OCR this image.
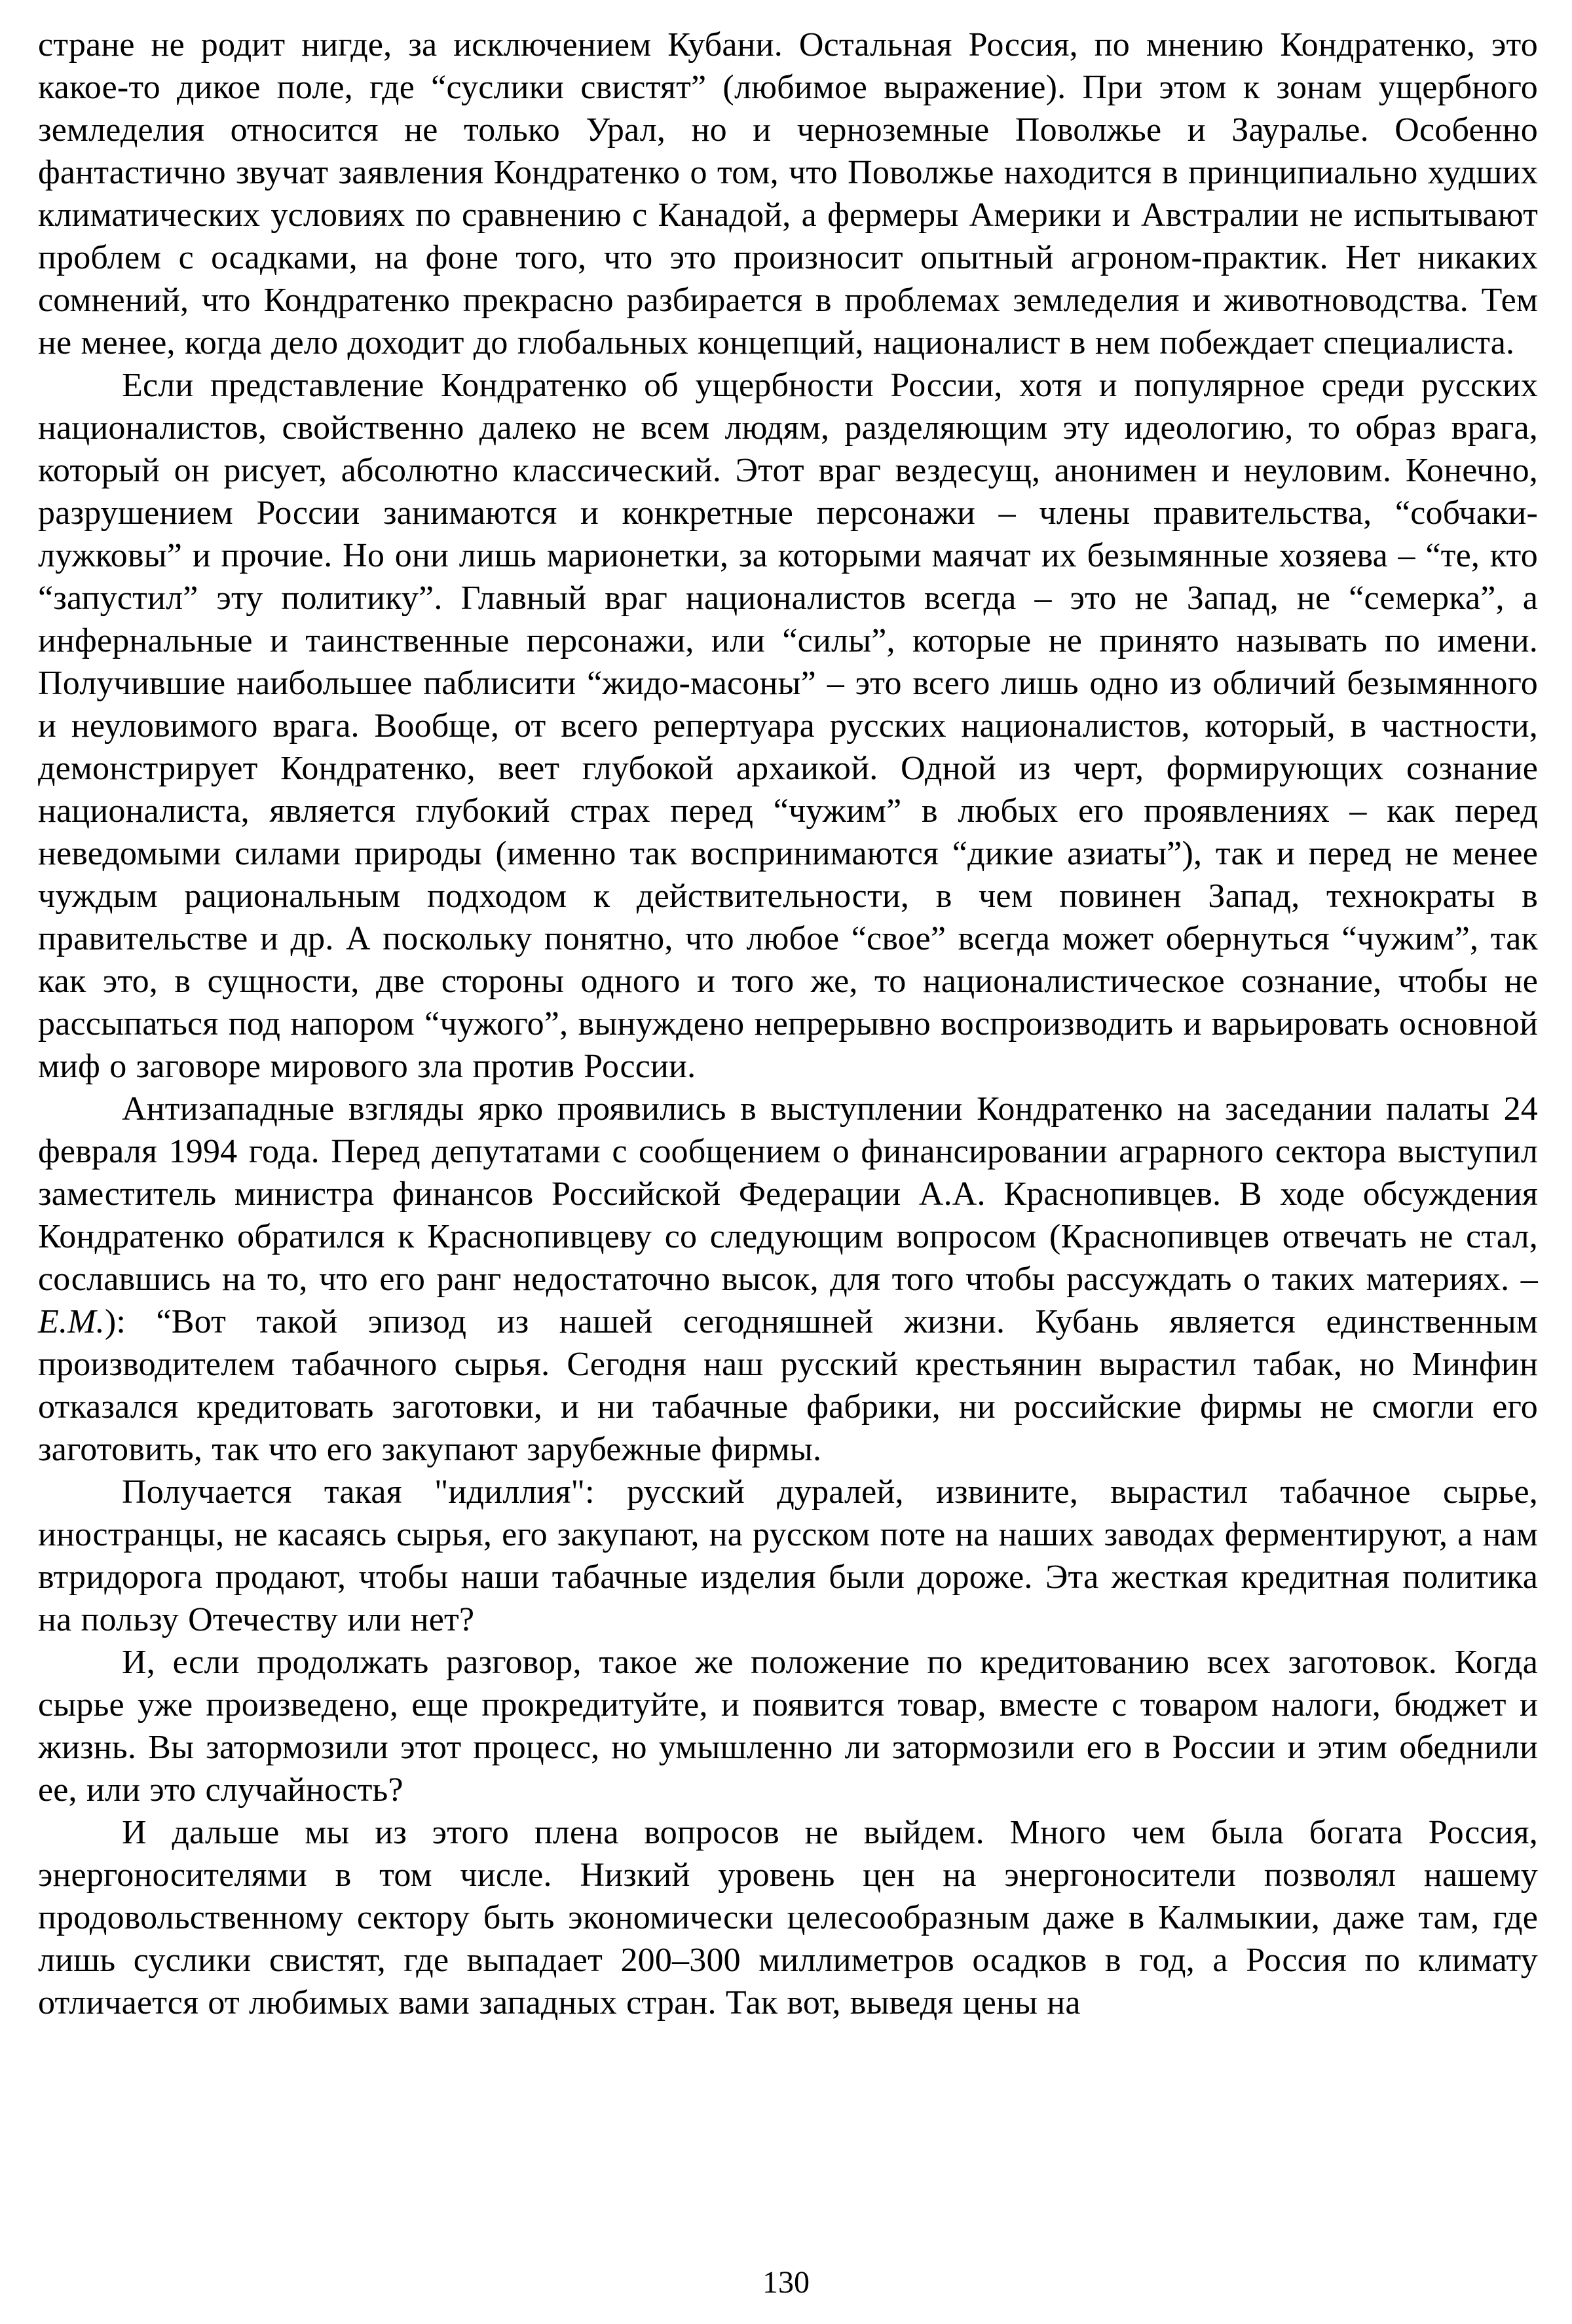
стране не родит нигде, за исключением Кубани. Остальная Россия, по мнению Кондратенко, это какое-то дикое поле, где “суслики свистят” (любимое выражение). При этом к зонам ущербного земледелия относится не только Урал, но и черноземные Поволжье и Зауралье. Особенно фантастично звучат заявления Кондратенко о том, что Поволжье находится в принципиально худших климатических условиях по сравнению с Канадой, а фермеры Америки и Австралии не испытывают проблем с осадками, на фоне того, что это произносит опытный агроном-практик. Нет никаких сомнений, что Кондратенко прекрасно разбирается в проблемах земледелия и животноводства. Тем не менее, когда дело доходит до глобальных концепций, националист в нем побеждает специалиста.

Если представление Кондратенко об ущербности России, хотя и популярное среди русских националистов, свойственно далеко не всем людям, разделяющим эту идеологию, то образ врага, который он рисует, абсолютно классический. Этот враг вездесущ, анонимен и неуловим. Конечно, разрушением России занимаются и конкретные персонажи – члены правительства, “собчаки-лужковы” и прочие. Но они лишь марионетки, за которыми маячат их безымянные хозяева – “те, кто “запустил” эту политику”. Главный враг националистов всегда – это не Запад, не “семерка”, а инфернальные и таинственные персонажи, или “силы”, которые не принято называть по имени. Получившие наибольшее паблисити “жидо-масоны” – это всего лишь одно из обличий безымянного и неуловимого врага. Вообще, от всего репертуара русских националистов, который, в частности, демонстрирует Кондратенко, веет глубокой архаикой. Одной из черт, формирующих сознание националиста, является глубокий страх перед “чужим” в любых его проявлениях – как перед неведомыми силами природы (именно так воспринимаются “дикие азиаты”), так и перед не менее чуждым рациональным подходом к действительности, в чем повинен Запад, технократы в правительстве и др. А поскольку понятно, что любое “свое” всегда может обернуться “чужим”, так как это, в сущности, две стороны одного и того же, то националистическое сознание, чтобы не рассыпаться под напором “чужого”, вынуждено непрерывно воспроизводить и варьировать основной миф о заговоре мирового зла против России.

Антизападные взгляды ярко проявились в выступлении Кондратенко на заседании палаты 24 февраля 1994 года. Перед депутатами с сообщением о финансировании аграрного сектора выступил заместитель министра финансов Российской Федерации А.А. Краснопивцев. В ходе обсуждения Кондратенко обратился к Краснопивцеву со следующим вопросом (Краснопивцев отвечать не стал, сославшись на то, что его ранг недостаточно высок, для того чтобы рассуждать о таких материях. – Е.М.): “Вот такой эпизод из нашей сегодняшней жизни. Кубань является единственным производителем табачного сырья. Сегодня наш русский крестьянин вырастил табак, но Минфин отказался кредитовать заготовки, и ни табачные фабрики, ни российские фирмы не смогли его заготовить, так что его закупают зарубежные фирмы.

Получается такая "идиллия": русский дуралей, извините, вырастил табачное сырье, иностранцы, не касаясь сырья, его закупают, на русском поте на наших заводах ферментируют, а нам втридорога продают, чтобы наши табачные изделия были дороже. Эта жесткая кредитная политика на пользу Отечеству или нет?

И, если продолжать разговор, такое же положение по кредитованию всех заготовок. Когда сырье уже произведено, еще прокредитуйте, и появится товар, вместе с товаром налоги, бюджет и жизнь. Вы затормозили этот процесс, но умышленно ли затормозили его в России и этим обеднили ее, или это случайность?

И дальше мы из этого плена вопросов не выйдем. Много чем была богата Россия, энергоносителями в том числе. Низкий уровень цен на энергоносители позволял нашему продовольственному сектору быть экономически целесообразным даже в Калмыкии, даже там, где лишь суслики свистят, где выпадает 200–300 миллиметров осадков в год, а Россия по климату отличается от любимых вами западных стран. Так вот, выведя цены на

130
